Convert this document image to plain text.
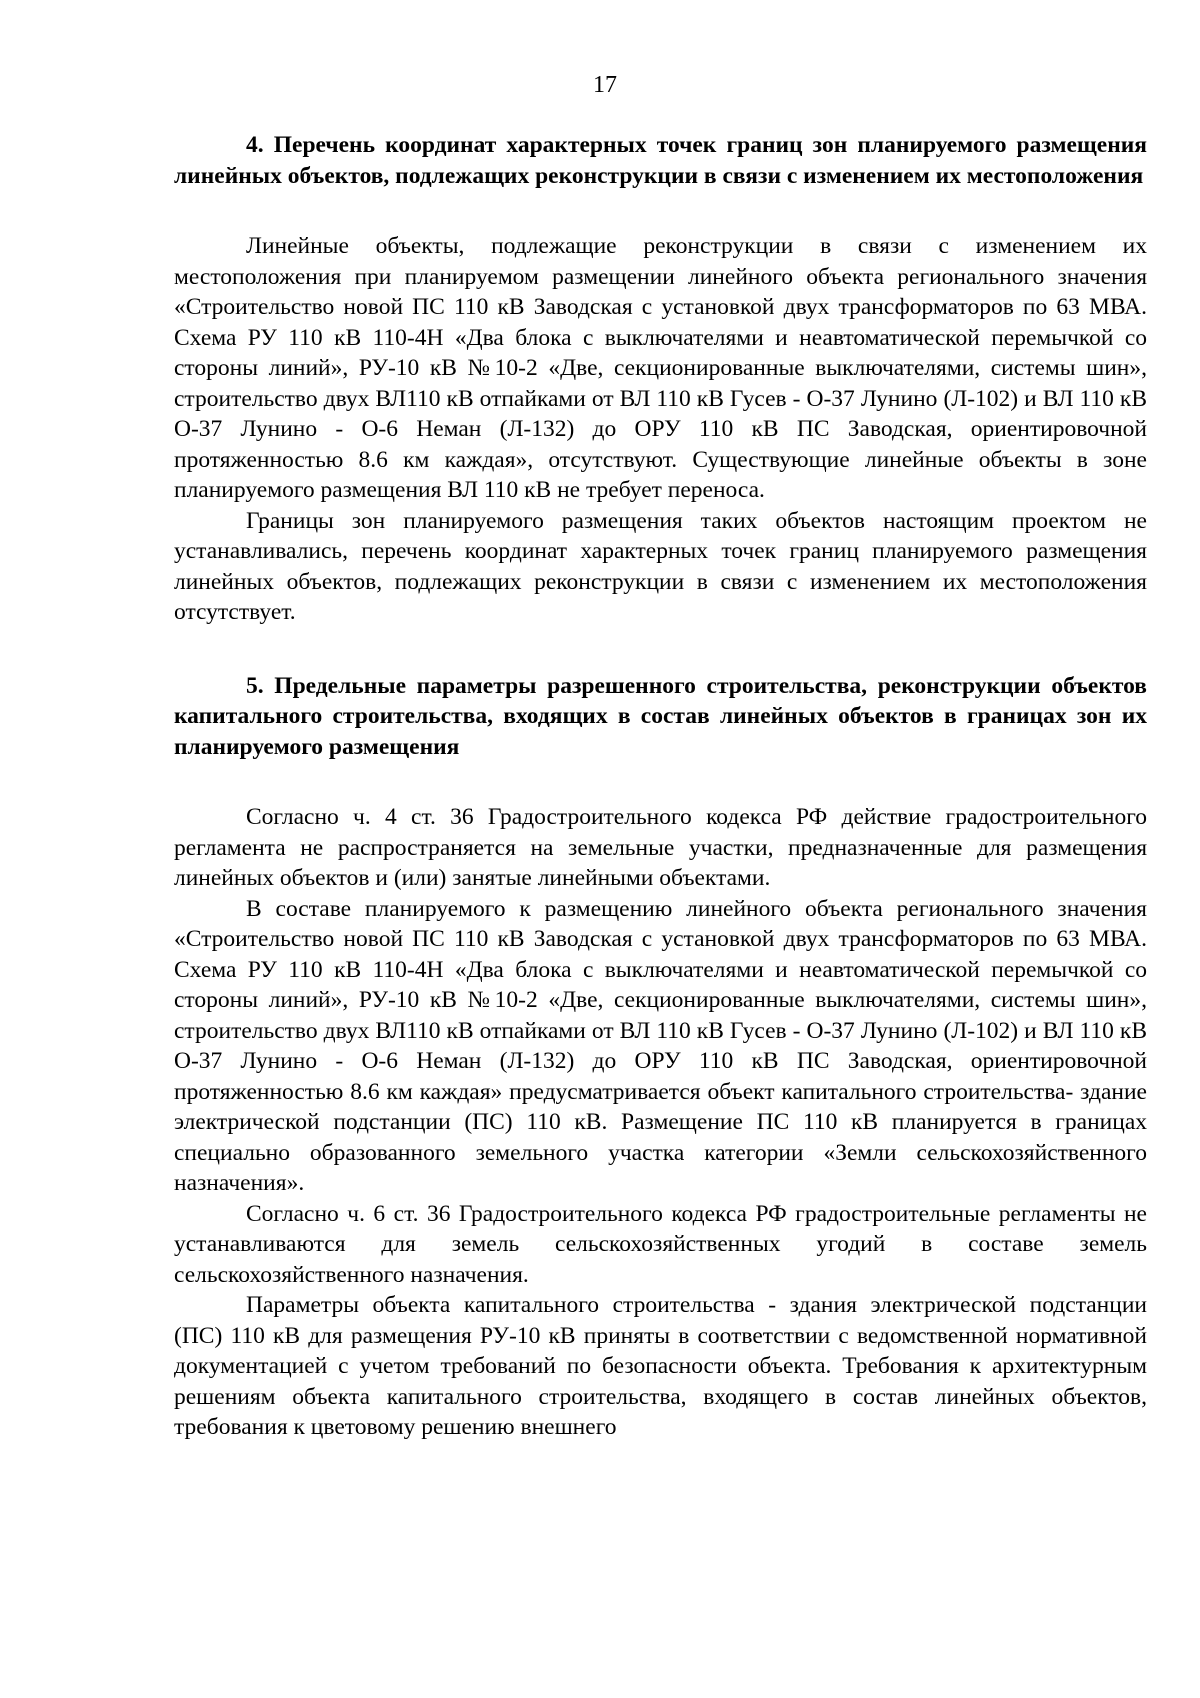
17
4. Перечень координат характерных точек границ зон планируемого размещения линейных объектов, подлежащих реконструкции в связи с изменением их местоположения

Линейные объекты, подлежащие реконструкции в связи с изменением их местоположения при планируемом размещении линейного объекта регионального значения «Строительство новой ПС 110 кВ Заводская с установкой двух трансформаторов по 63 МВА. Схема РУ 110 кВ 110-4Н «Два блока с выключателями и неавтоматической перемычкой со стороны линий», РУ-10 кВ №10-2 «Две, секционированные выключателями, системы шин», строительство двух ВЛ110 кВ отпайками от ВЛ 110 кВ Гусев - О-37 Лунино (Л-102) и ВЛ 110 кВ О-37 Лунино - О-6 Неман (Л-132) до ОРУ 110 кВ ПС Заводская, ориентировочной протяженностью 8.6 км каждая», отсутствуют. Существующие линейные объекты в зоне планируемого размещения ВЛ 110 кВ не требует переноса.

Границы зон планируемого размещения таких объектов настоящим проектом не устанавливались, перечень координат характерных точек границ планируемого размещения линейных объектов, подлежащих реконструкции в связи с изменением их местоположения отсутствует.

5. Предельные параметры разрешенного строительства, реконструкции объектов капитального строительства, входящих в состав линейных объектов в границах зон их планируемого размещения

Согласно ч. 4 ст. 36 Градостроительного кодекса РФ действие градостроительного регламента не распространяется на земельные участки, предназначенные для размещения линейных объектов и (или) занятые линейными объектами.

В составе планируемого к размещению линейного объекта регионального значения «Строительство новой ПС 110 кВ Заводская с установкой двух трансформаторов по 63 МВА. Схема РУ 110 кВ 110-4Н «Два блока с выключателями и неавтоматической перемычкой со стороны линий», РУ-10 кВ №10-2 «Две, секционированные выключателями, системы шин», строительство двух ВЛ110 кВ отпайками от ВЛ 110 кВ Гусев - О-37 Лунино (Л-102) и ВЛ 110 кВ О-37 Лунино - О-6 Неман (Л-132) до ОРУ 110 кВ ПС Заводская, ориентировочной протяженностью 8.6 км каждая» предусматривается объект капитального строительства- здание электрической подстанции (ПС) 110 кВ. Размещение ПС 110 кВ планируется в границах специально образованного земельного участка категории «Земли сельскохозяйственного назначения».

Согласно ч. 6 ст. 36 Градостроительного кодекса РФ градостроительные регламенты не устанавливаются для земель сельскохозяйственных угодий в составе земель сельскохозяйственного назначения.

Параметры объекта капитального строительства - здания электрической подстанции (ПС) 110 кВ для размещения РУ-10 кВ приняты в соответствии с ведомственной нормативной документацией с учетом требований по безопасности объекта. Требования к архитектурным решениям объекта капитального строительства, входящего в состав линейных объектов, требования к цветовому решению внешнего
